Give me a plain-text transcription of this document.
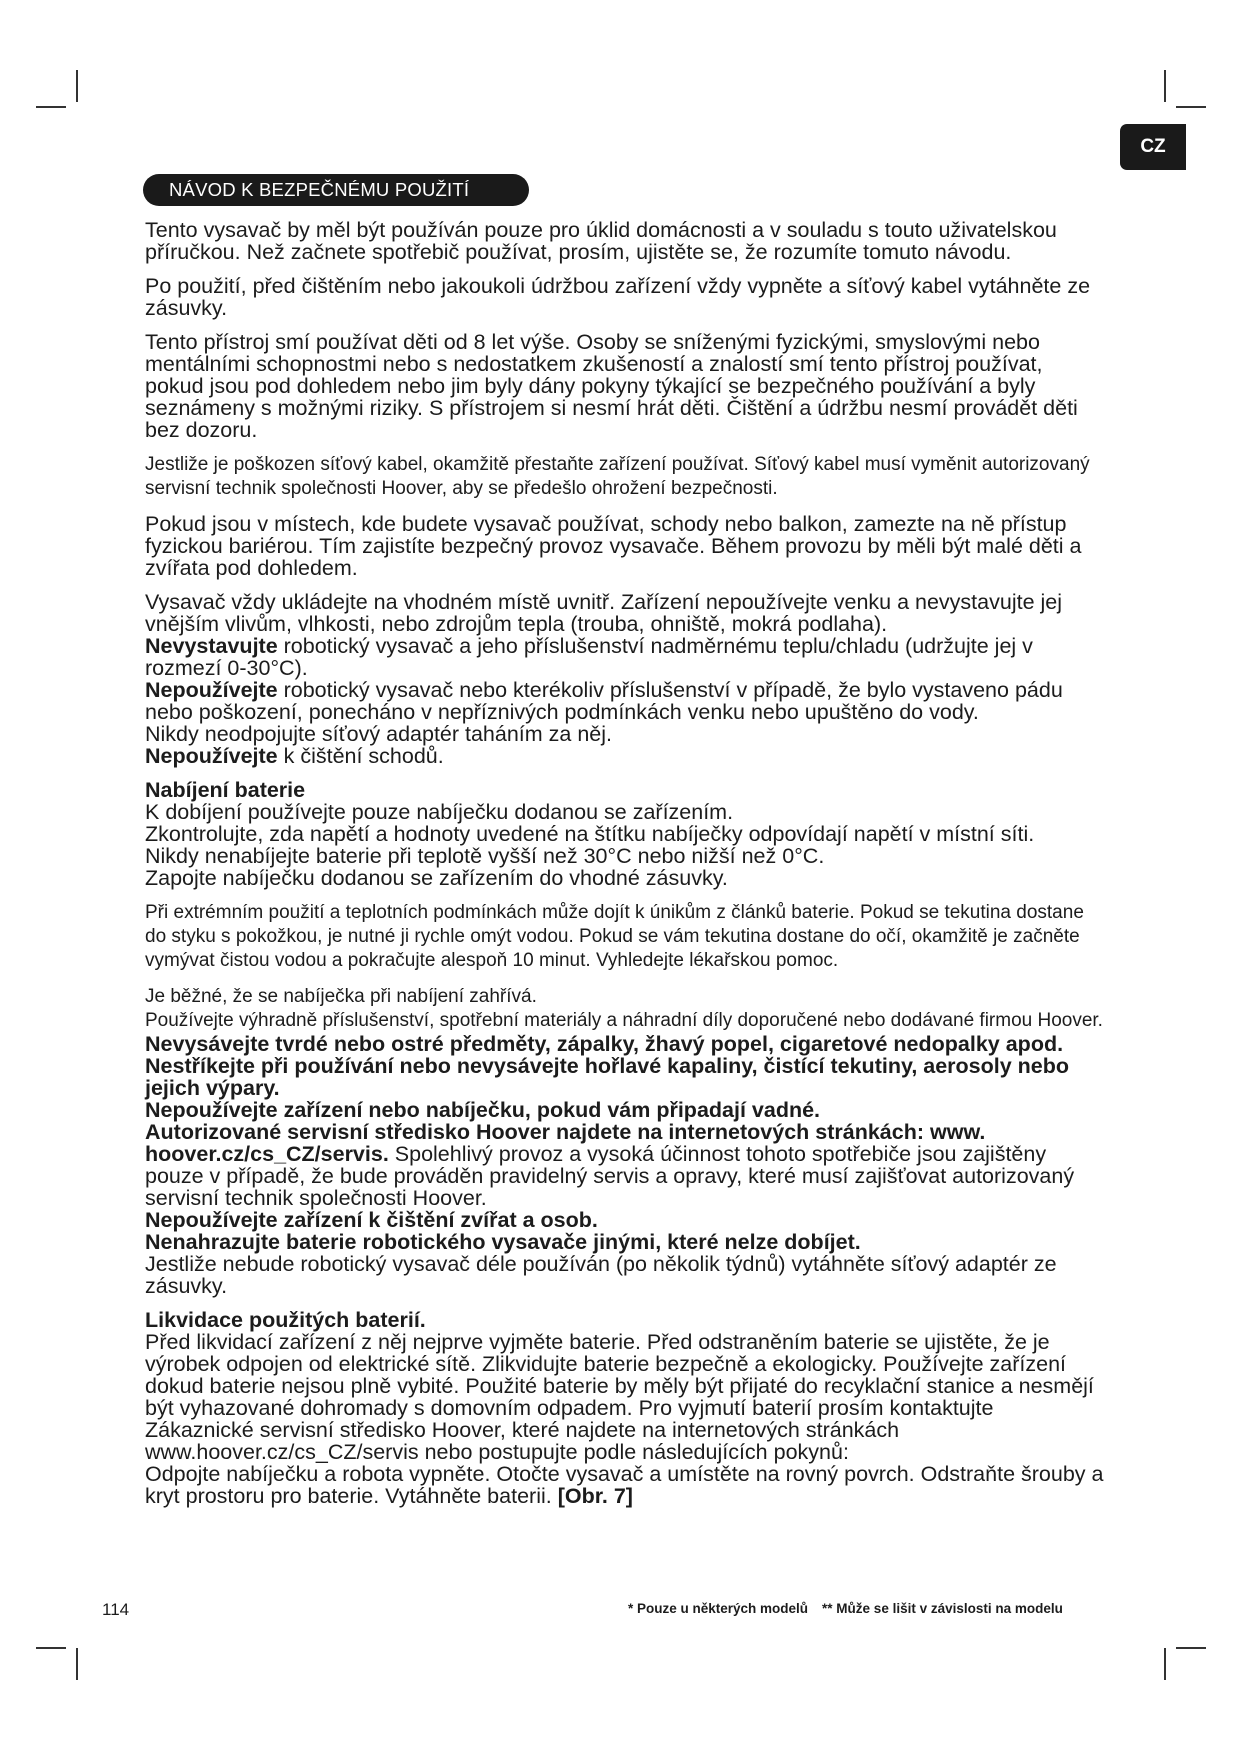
CZ
NÁVOD K BEZPEČNÉMU POUŽITÍ

Tento vysavač by měl být používán pouze pro úklid domácnosti a v souladu s touto uživatelskou příručkou. Než začnete spotřebič používat, prosím, ujistěte se, že rozumíte tomuto návodu.

Po použití, před čištěním nebo jakoukoli údržbou zařízení vždy vypněte a síťový kabel vytáhněte ze zásuvky.

Tento přístroj smí používat děti od 8 let výše. Osoby se sníženými fyzickými, smyslovými nebo mentálními schopnostmi nebo s nedostatkem zkušeností a znalostí smí tento přístroj používat, pokud jsou pod dohledem nebo jim byly dány pokyny týkající se bezpečného používání a byly seznámeny s možnými riziky. S přístrojem si nesmí hrát děti. Čištění a údržbu nesmí provádět děti bez dozoru.

Jestliže je poškozen síťový kabel, okamžitě přestaňte zařízení používat. Síťový kabel musí vyměnit autorizovaný servisní technik společnosti Hoover, aby se předešlo ohrožení bezpečnosti.

Pokud jsou v místech, kde budete vysavač používat, schody nebo balkon, zamezte na ně přístup fyzickou bariérou. Tím zajistíte bezpečný provoz vysavače. Během provozu by měli být malé děti a zvířata pod dohledem.

Vysavač vždy ukládejte na vhodném místě uvnitř. Zařízení nepoužívejte venku a nevystavujte jej vnějším vlivům, vlhkosti, nebo zdrojům tepla (trouba, ohniště, mokrá podlaha).
Nevystavujte robotický vysavač a jeho příslušenství nadměrnému teplu/chladu (udržujte jej v rozmezí 0-30°C).
Nepoužívejte robotický vysavač nebo kterékoliv příslušenství v případě, že bylo vystaveno pádu nebo poškození, ponecháno v nepříznivých podmínkách venku nebo upuštěno do vody.
Nikdy neodpojujte síťový adaptér taháním za něj.
Nepoužívejte k čištění schodů.

Nabíjení baterie

K dobíjení používejte pouze nabíječku dodanou se zařízením.
Zkontrolujte, zda napětí a hodnoty uvedené na štítku nabíječky odpovídají napětí v místní síti.
Nikdy nenabíjejte baterie při teplotě vyšší než 30°C nebo nižší než 0°C.
Zapojte nabíječku dodanou se zařízením do vhodné zásuvky.

Při extrémním použití a teplotních podmínkách může dojít k únikům z článků baterie. Pokud se tekutina dostane do styku s pokožkou, je nutné ji rychle omýt vodou. Pokud se vám tekutina dostane do očí, okamžitě je začněte vymývat čistou vodou a pokračujte alespoň 10 minut. Vyhledejte lékařskou pomoc.

Je běžné, že se nabíječka při nabíjení zahřívá.
Používejte výhradně příslušenství, spotřební materiály a náhradní díly doporučené nebo dodávané firmou Hoover.

Nevysávejte tvrdé nebo ostré předměty, zápalky, žhavý popel, cigaretové nedopalky apod.
Nestříkejte při používání nebo nevysávejte hořlavé kapaliny, čistící tekutiny, aerosoly nebo jejich výpary.
Nepoužívejte zařízení nebo nabíječku, pokud vám připadají vadné.
Autorizované servisní středisko Hoover najdete na internetových stránkách: www. hoover.cz/cs_CZ/servis. Spolehlivý provoz a vysoká účinnost tohoto spotřebiče jsou zajištěny pouze v případě, že bude prováděn pravidelný servis a opravy, které musí zajišťovat autorizovaný servisní technik společnosti Hoover.
Nepoužívejte zařízení k čištění zvířat a osob.
Nenahrazujte baterie robotického vysavače jinými, které nelze dobíjet.
Jestliže nebude robotický vysavač déle používán (po několik týdnů) vytáhněte síťový adaptér ze zásuvky.

Likvidace použitých baterií.

Před likvidací zařízení z něj nejprve vyjměte baterie. Před odstraněním baterie se ujistěte, že je výrobek odpojen od elektrické sítě. Zlikvidujte baterie bezpečně a ekologicky. Používejte zařízení dokud baterie nejsou plně vybité. Použité baterie by měly být přijaté do recyklační stanice a nesmějí být vyhazované dohromady s domovním odpadem. Pro vyjmutí baterií prosím kontaktujte Zákaznické servisní středisko Hoover, které najdete na internetových stránkách www.hoover.cz/cs_CZ/servis nebo postupujte podle následujících pokynů:
Odpojte nabíječku a robota vypněte. Otočte vysavač a umístěte na rovný povrch. Odstraňte šrouby a kryt prostoru pro baterie. Vytáhněte baterii. [Obr. 7]

114	* Pouze u některých modelů ** Může se lišit v závislosti na modelu
